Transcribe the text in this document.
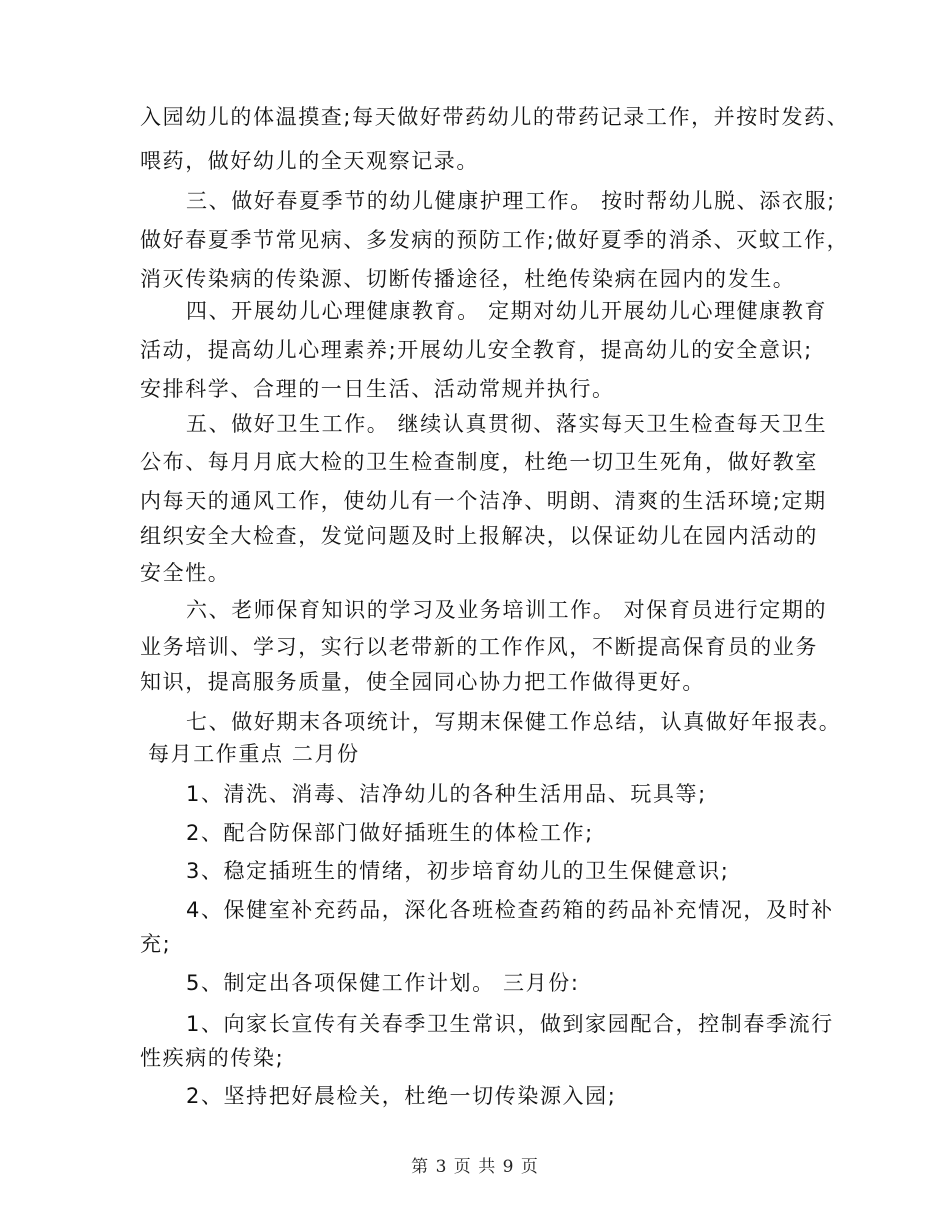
入园幼儿的体温摸查;每天做好带药幼儿的带药记录工作，并按时发药、
喂药，做好幼儿的全天观察记录。
三、做好春夏季节的幼儿健康护理工作。 按时帮幼儿脱、添衣服;
做好春夏季节常见病、多发病的预防工作;做好夏季的消杀、灭蚊工作，
消灭传染病的传染源、切断传播途径，杜绝传染病在园内的发生。
四、开展幼儿心理健康教育。 定期对幼儿开展幼儿心理健康教育
活动，提高幼儿心理素养;开展幼儿安全教育，提高幼儿的安全意识;
安排科学、合理的一日生活、活动常规并执行。
五、做好卫生工作。 继续认真贯彻、落实每天卫生检查每天卫生
公布、每月月底大检的卫生检查制度，杜绝一切卫生死角，做好教室
内每天的通风工作，使幼儿有一个洁净、明朗、清爽的生活环境;定期
组织安全大检查，发觉问题及时上报解决，以保证幼儿在园内活动的
安全性。
六、老师保育知识的学习及业务培训工作。 对保育员进行定期的
业务培训、学习，实行以老带新的工作作风，不断提高保育员的业务
知识，提高服务质量，使全园同心协力把工作做得更好。
七、做好期末各项统计，写期末保健工作总结，认真做好年报表。
每月工作重点 二月份
1、清洗、消毒、洁净幼儿的各种生活用品、玩具等;
2、配合防保部门做好插班生的体检工作;
3、稳定插班生的情绪，初步培育幼儿的卫生保健意识;
4、保健室补充药品，深化各班检查药箱的药品补充情况，及时补
充;
5、制定出各项保健工作计划。 三月份:
1、向家长宣传有关春季卫生常识，做到家园配合，控制春季流行
性疾病的传染;
2、坚持把好晨检关，杜绝一切传染源入园;
第 3 页 共 9 页
